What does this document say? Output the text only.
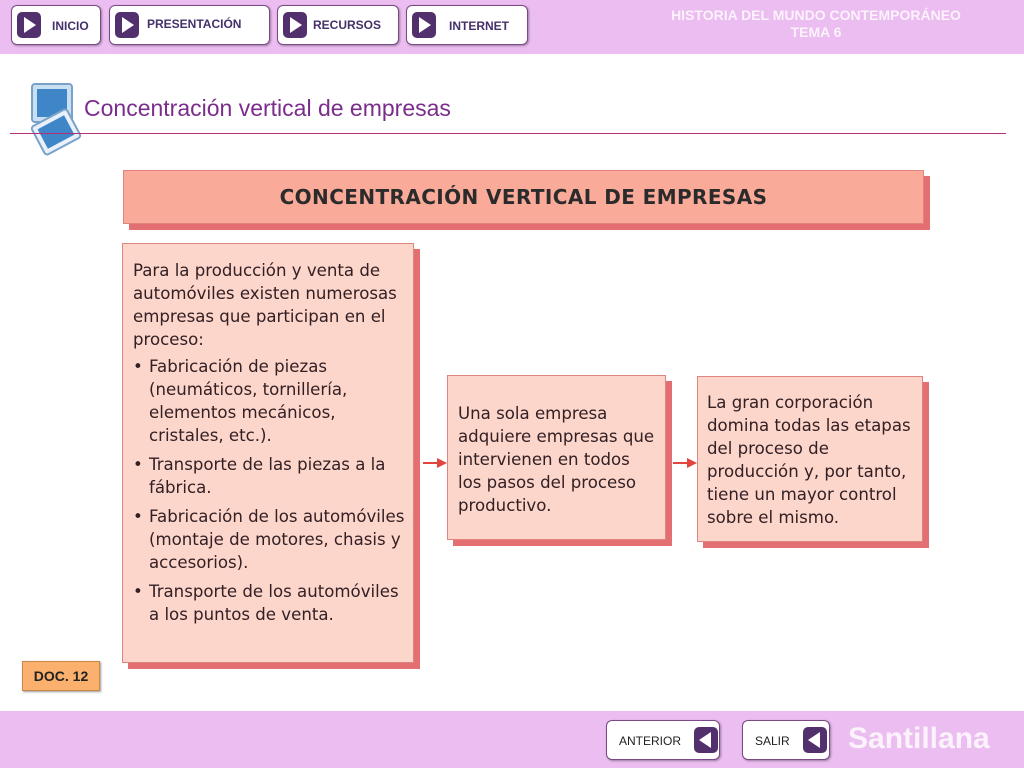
INICIO	PRESENTACIÓN	RECURSOS	INTERNET
HISTORIA DEL MUNDO CONTEMPORÁNEO
TEMA 6
Concentración vertical de empresas
CONCENTRACIÓN VERTICAL DE EMPRESAS

Para la producción y venta de automóviles existen numerosas empresas que participan en el proceso:

• Fabricación de piezas (neumáticos, tornillería, elementos mecánicos, cristales, etc.).
• Transporte de las piezas a la fábrica.
• Fabricación de los automóviles (montaje de motores, chasis y accesorios).
• Transporte de los automóviles a los puntos de venta.
Una sola empresa adquiere empresas que intervienen en todos los pasos del proceso productivo.
La gran corporación domina todas las etapas del proceso de producción y, por tanto, tiene un mayor control sobre el mismo.
DOC. 12
ANTERIOR	SALIR Santillana
